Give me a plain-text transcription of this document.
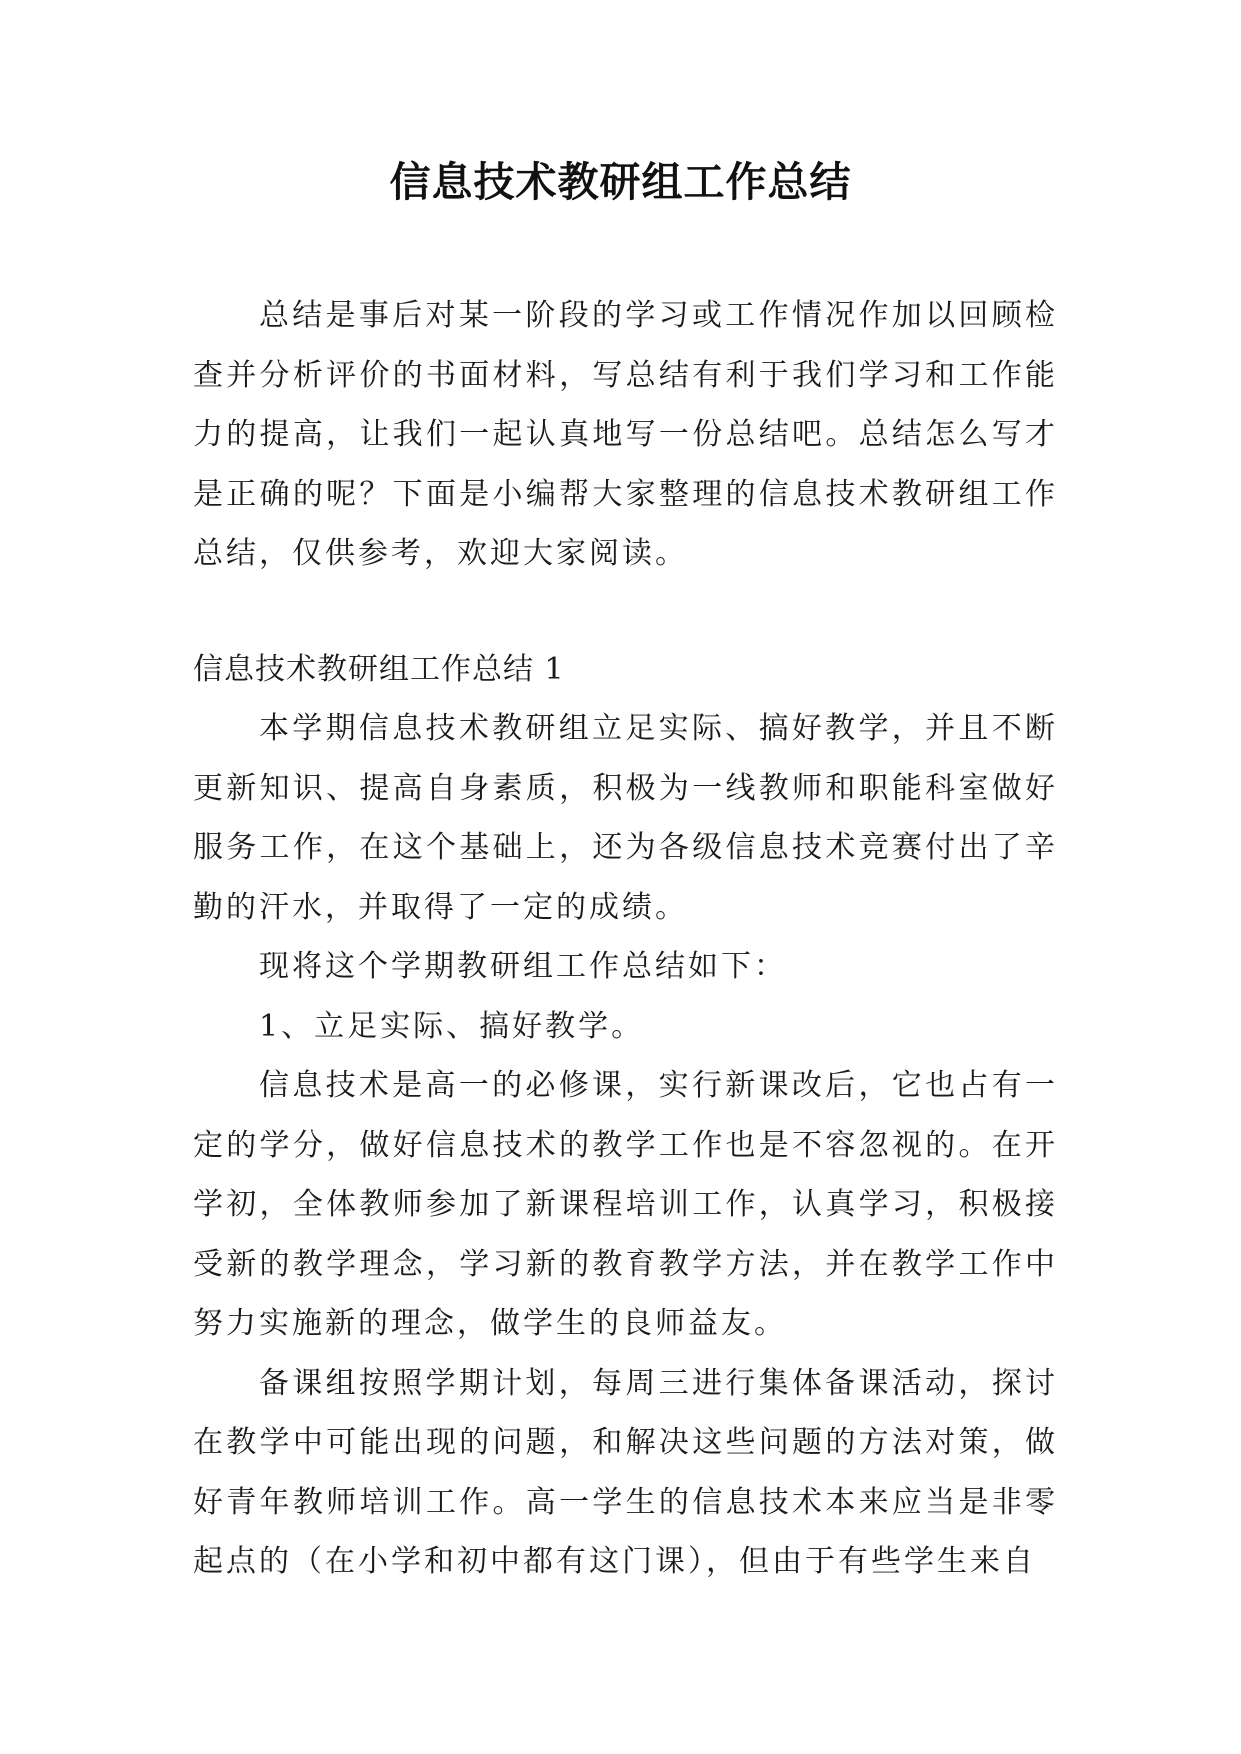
信息技术教研组工作总结

总结是事后对某一阶段的学习或工作情况作加以回顾检查并分析评价的书面材料，写总结有利于我们学习和工作能力的提高，让我们一起认真地写一份总结吧。总结怎么写才是正确的呢？下面是小编帮大家整理的信息技术教研组工作总结，仅供参考，欢迎大家阅读。

信息技术教研组工作总结 1

本学期信息技术教研组立足实际、搞好教学，并且不断更新知识、提高自身素质，积极为一线教师和职能科室做好服务工作，在这个基础上，还为各级信息技术竞赛付出了辛勤的汗水，并取得了一定的成绩。

现将这个学期教研组工作总结如下：

1、立足实际、搞好教学。

信息技术是高一的必修课，实行新课改后，它也占有一定的学分，做好信息技术的教学工作也是不容忽视的。在开学初，全体教师参加了新课程培训工作，认真学习，积极接受新的教学理念，学习新的教育教学方法，并在教学工作中努力实施新的理念，做学生的良师益友。

备课组按照学期计划，每周三进行集体备课活动，探讨在教学中可能出现的问题，和解决这些问题的方法对策，做好青年教师培训工作。高一学生的信息技术本来应当是非零起点的（在小学和初中都有这门课），但由于有些学生来自
